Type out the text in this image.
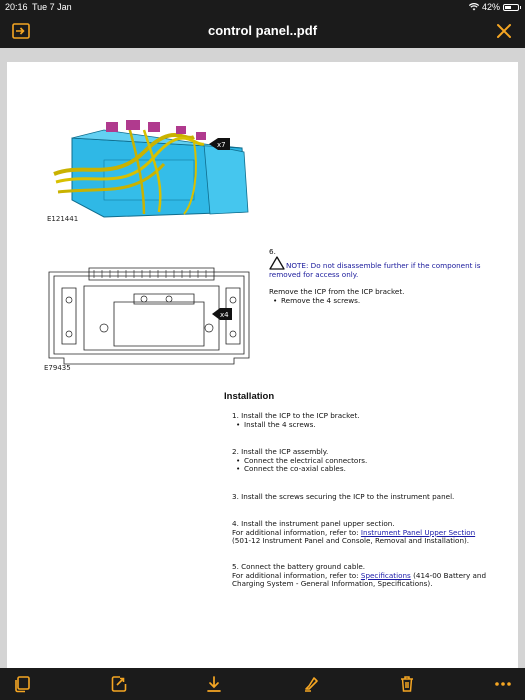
20:16 Tue 7 Jan	42%
control panel..pdf
x7
E121441
x4
E79435
6.
NOTE: Do not disassemble further if the component is removed for access only.

Remove the ICP from the ICP bracket.

• Remove the 4 screws.
Installation
1. Install the ICP to the ICP bracket.
• Install the 4 screws.
2. Install the ICP assembly.
• Connect the electrical connectors.
• Connect the co-axial cables.
3. Install the screws securing the ICP to the instrument panel.
4. Install the instrument panel upper section.
For additional information, refer to: Instrument Panel Upper Section
(501-12 Instrument Panel and Console, Removal and Installation).
5. Connect the battery ground cable.
For additional information, refer to: Specifications (414-00 Battery and Charging System - General Information, Specifications).
